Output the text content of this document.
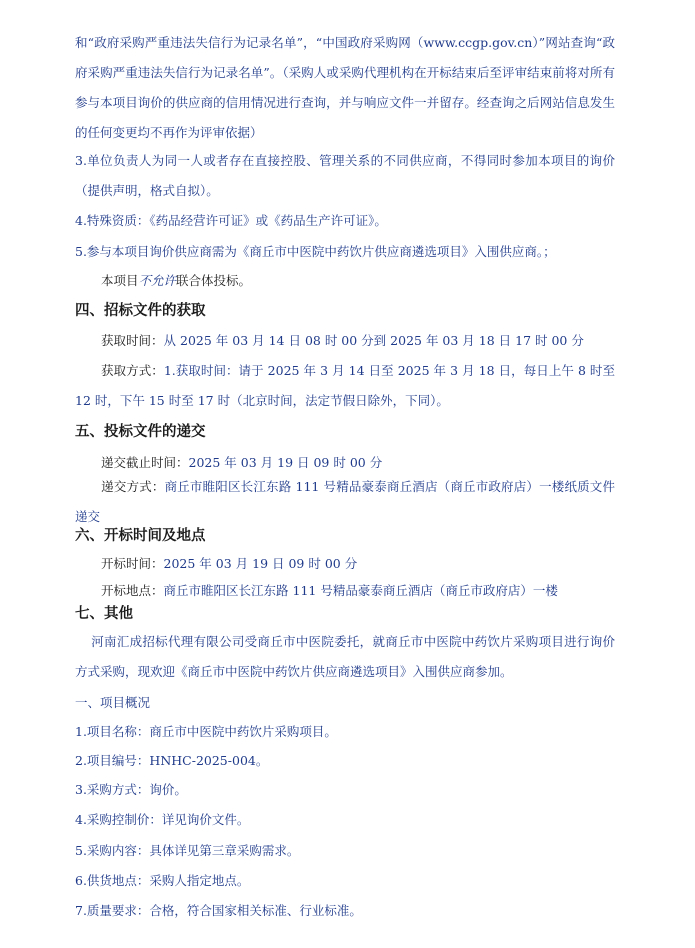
和“政府采购严重违法失信行为记录名单”，“中国政府采购网（www.ccgp.gov.cn）”网站查询“政府采购严重违法失信行为记录名单”。（采购人或采购代理机构在开标结束后至评审结束前将对所有参与本项目询价的供应商的信用情况进行查询，并与响应文件一并留存。经查询之后网站信息发生的任何变更均不再作为评审依据）
3.单位负责人为同一人或者存在直接控股、管理关系的不同供应商，不得同时参加本项目的询价（提供声明，格式自拟）。
4.特殊资质：《药品经营许可证》或《药品生产许可证》。
5.参与本项目询价供应商需为《商丘市中医院中药饮片供应商遴选项目》入围供应商。；
本项目不允许联合体投标。
四、招标文件的获取
获取时间：从 2025 年 03 月 14 日 08 时 00 分到 2025 年 03 月 18 日 17 时 00 分
获取方式：1.获取时间：请于 2025 年 3 月 14 日至 2025 年 3 月 18 日，每日上午 8 时至 12 时，下午 15 时至 17 时（北京时间，法定节假日除外，下同）。
五、投标文件的递交
递交截止时间：2025 年 03 月 19 日 09 时 00 分
递交方式：商丘市睢阳区长江东路 111 号精品豪泰商丘酒店（商丘市政府店）一楼纸质文件递交
六、开标时间及地点
开标时间：2025 年 03 月 19 日 09 时 00 分
开标地点：商丘市睢阳区长江东路 111 号精品豪泰商丘酒店（商丘市政府店）一楼
七、其他
河南汇成招标代理有限公司受商丘市中医院委托，就商丘市中医院中药饮片采购项目进行询价方式采购，现欢迎《商丘市中医院中药饮片供应商遴选项目》入围供应商参加。
一、项目概况
1.项目名称：商丘市中医院中药饮片采购项目。
2.项目编号：HNHC-2025-004。
3.采购方式：询价。
4.采购控制价：详见询价文件。
5.采购内容：具体详见第三章采购需求。
6.供货地点：采购人指定地点。
7.质量要求：合格，符合国家相关标准、行业标准。
